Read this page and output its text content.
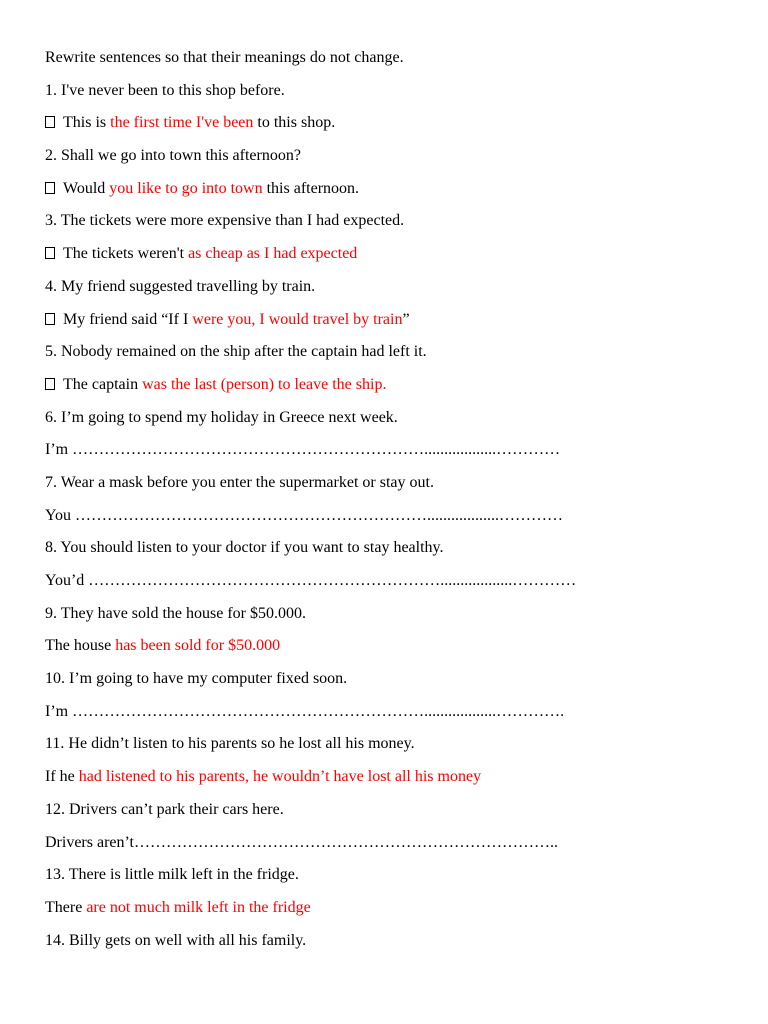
Rewrite sentences so that their meanings do not change.
1. I've never been to this shop before.
This is the first time I've been to this shop.
2. Shall we go into town this afternoon?
Would you like to go into town this afternoon.
3. The tickets were more expensive than I had expected.
The tickets weren't as cheap as I had expected
4. My friend suggested travelling by train.
My friend said “If I were you, I would travel by train”
5. Nobody remained on the ship after the captain had left it.
The captain was the last (person) to leave the ship.
6. I’m going to spend my holiday in Greece next week.
I’m …………………………………………………………..................…………
7. Wear a mask before you enter the supermarket or stay out.
You …………………………………………………………..................…………
8. You should listen to your doctor if you want to stay healthy.
You’d …………………………………………………………..................…………
9. They have sold the house for $50.000.
The house has been sold for $50.000
10. I’m going to have my computer fixed soon.
I’m …………………………………………………………..................………….
11. He didn’t listen to his parents so he lost all his money.
If he had listened to his parents, he wouldn’t have lost all his money
12. Drivers can’t park their cars here.
Drivers aren’t……………………………………………………………………..
13. There is little milk left in the fridge.
There are not much milk left in the fridge
14. Billy gets on well with all his family.
